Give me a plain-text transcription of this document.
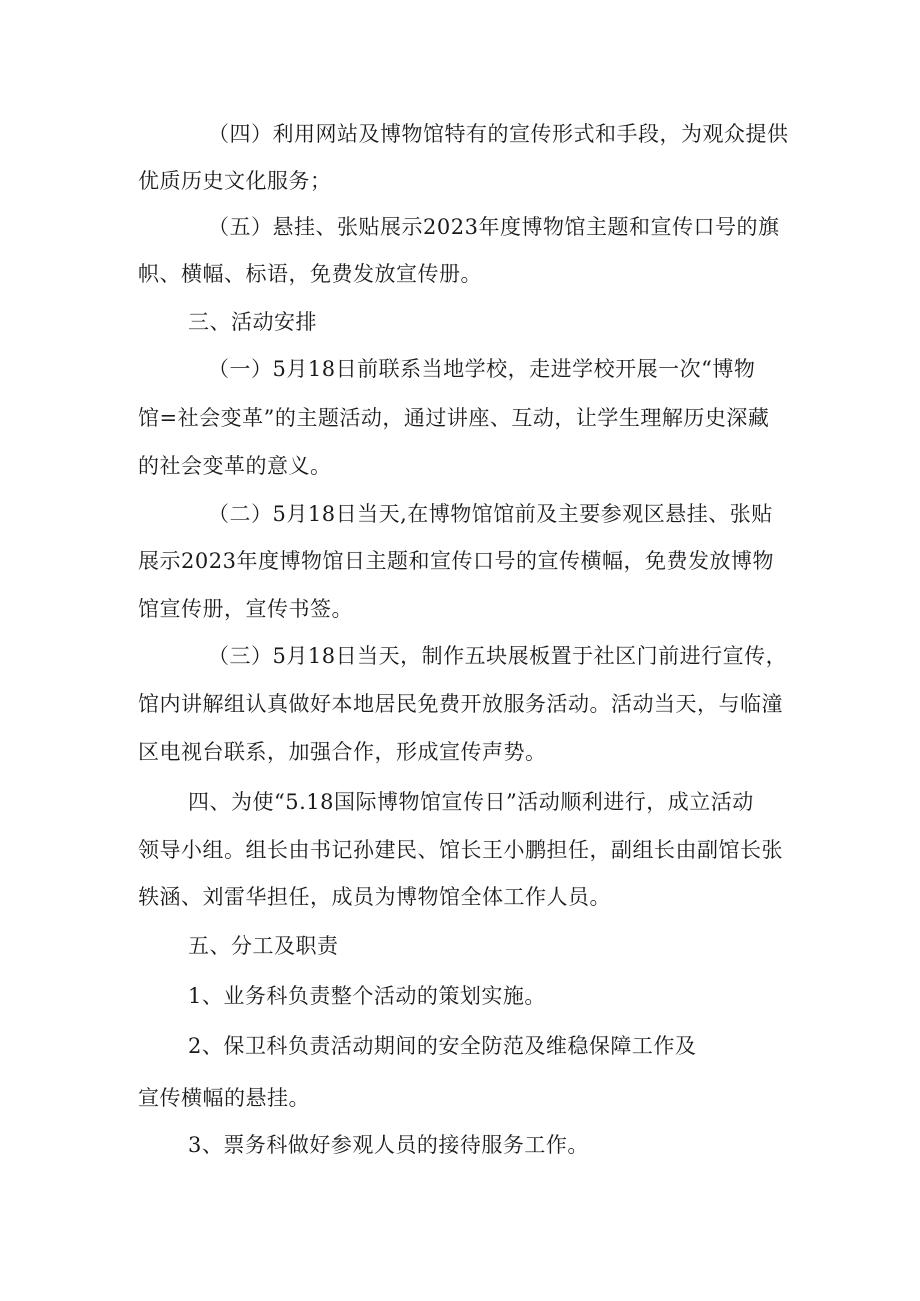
（四）利用网站及博物馆特有的宣传形式和手段，为观众提供
优质历史文化服务；
（五）悬挂、张贴展示2023年度博物馆主题和宣传口号的旗
帜、横幅、标语，免费发放宣传册。
三、活动安排
（一）5月18日前联系当地学校，走进学校开展一次“博物
馆=社会变革”的主题活动，通过讲座、互动，让学生理解历史深藏
的社会变革的意义。
（二）5月18日当天,在博物馆馆前及主要参观区悬挂、张贴
展示2023年度博物馆日主题和宣传口号的宣传横幅，免费发放博物
馆宣传册，宣传书签。
（三）5月18日当天，制作五块展板置于社区门前进行宣传，
馆内讲解组认真做好本地居民免费开放服务活动。活动当天，与临潼
区电视台联系，加强合作，形成宣传声势。
四、为使“5.18国际博物馆宣传日”活动顺利进行，成立活动
领导小组。组长由书记孙建民、馆长王小鹏担任，副组长由副馆长张
轶涵、刘雷华担任，成员为博物馆全体工作人员。
五、分工及职责
1、业务科负责整个活动的策划实施。
2、保卫科负责活动期间的安全防范及维稳保障工作及
宣传横幅的悬挂。
3、票务科做好参观人员的接待服务工作。
